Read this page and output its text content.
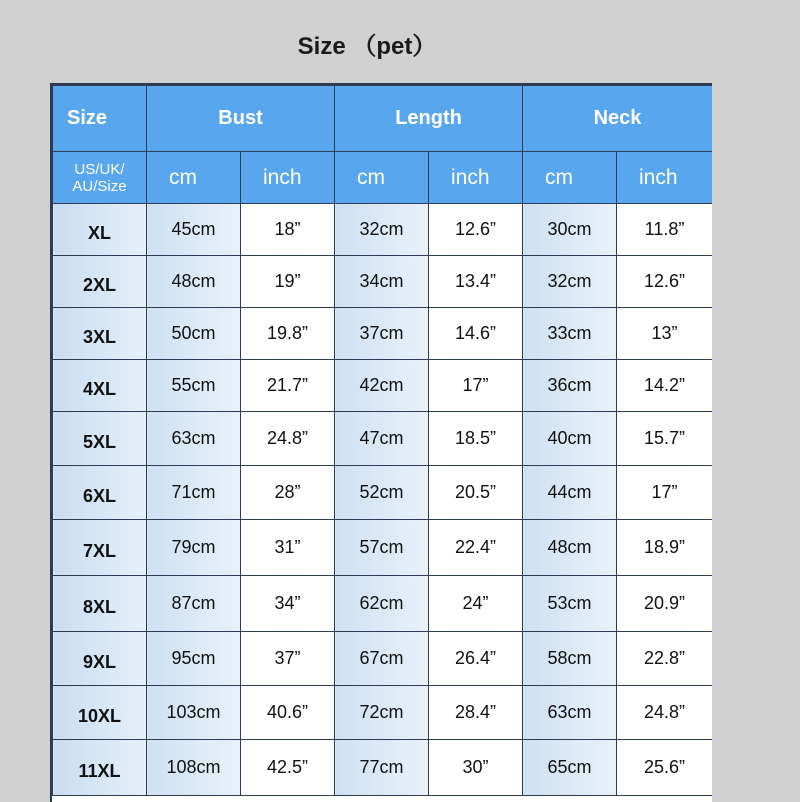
Size （pet）
Size	Bust		Length		Neck	
US/UK/
AU/Size	cm	inch	cm	inch	cm	inch
XL	45cm	18”	32cm	12.6”	30cm	11.8”
2XL	48cm	19”	34cm	13.4”	32cm	12.6”
3XL	50cm	19.8”	37cm	14.6”	33cm	13”
4XL	55cm	21.7”	42cm	17”	36cm	14.2”
5XL	63cm	24.8”	47cm	18.5”	40cm	15.7”
6XL	71cm	28”	52cm	20.5”	44cm	17”
7XL	79cm	31”	57cm	22.4”	48cm	18.9”
8XL	87cm	34”	62cm	24”	53cm	20.9”
9XL	95cm	37”	67cm	26.4”	58cm	22.8”
10XL	103cm	40.6”	72cm	28.4”	63cm	24.8”
11XL	108cm	42.5”	77cm	30”	65cm	25.6”
